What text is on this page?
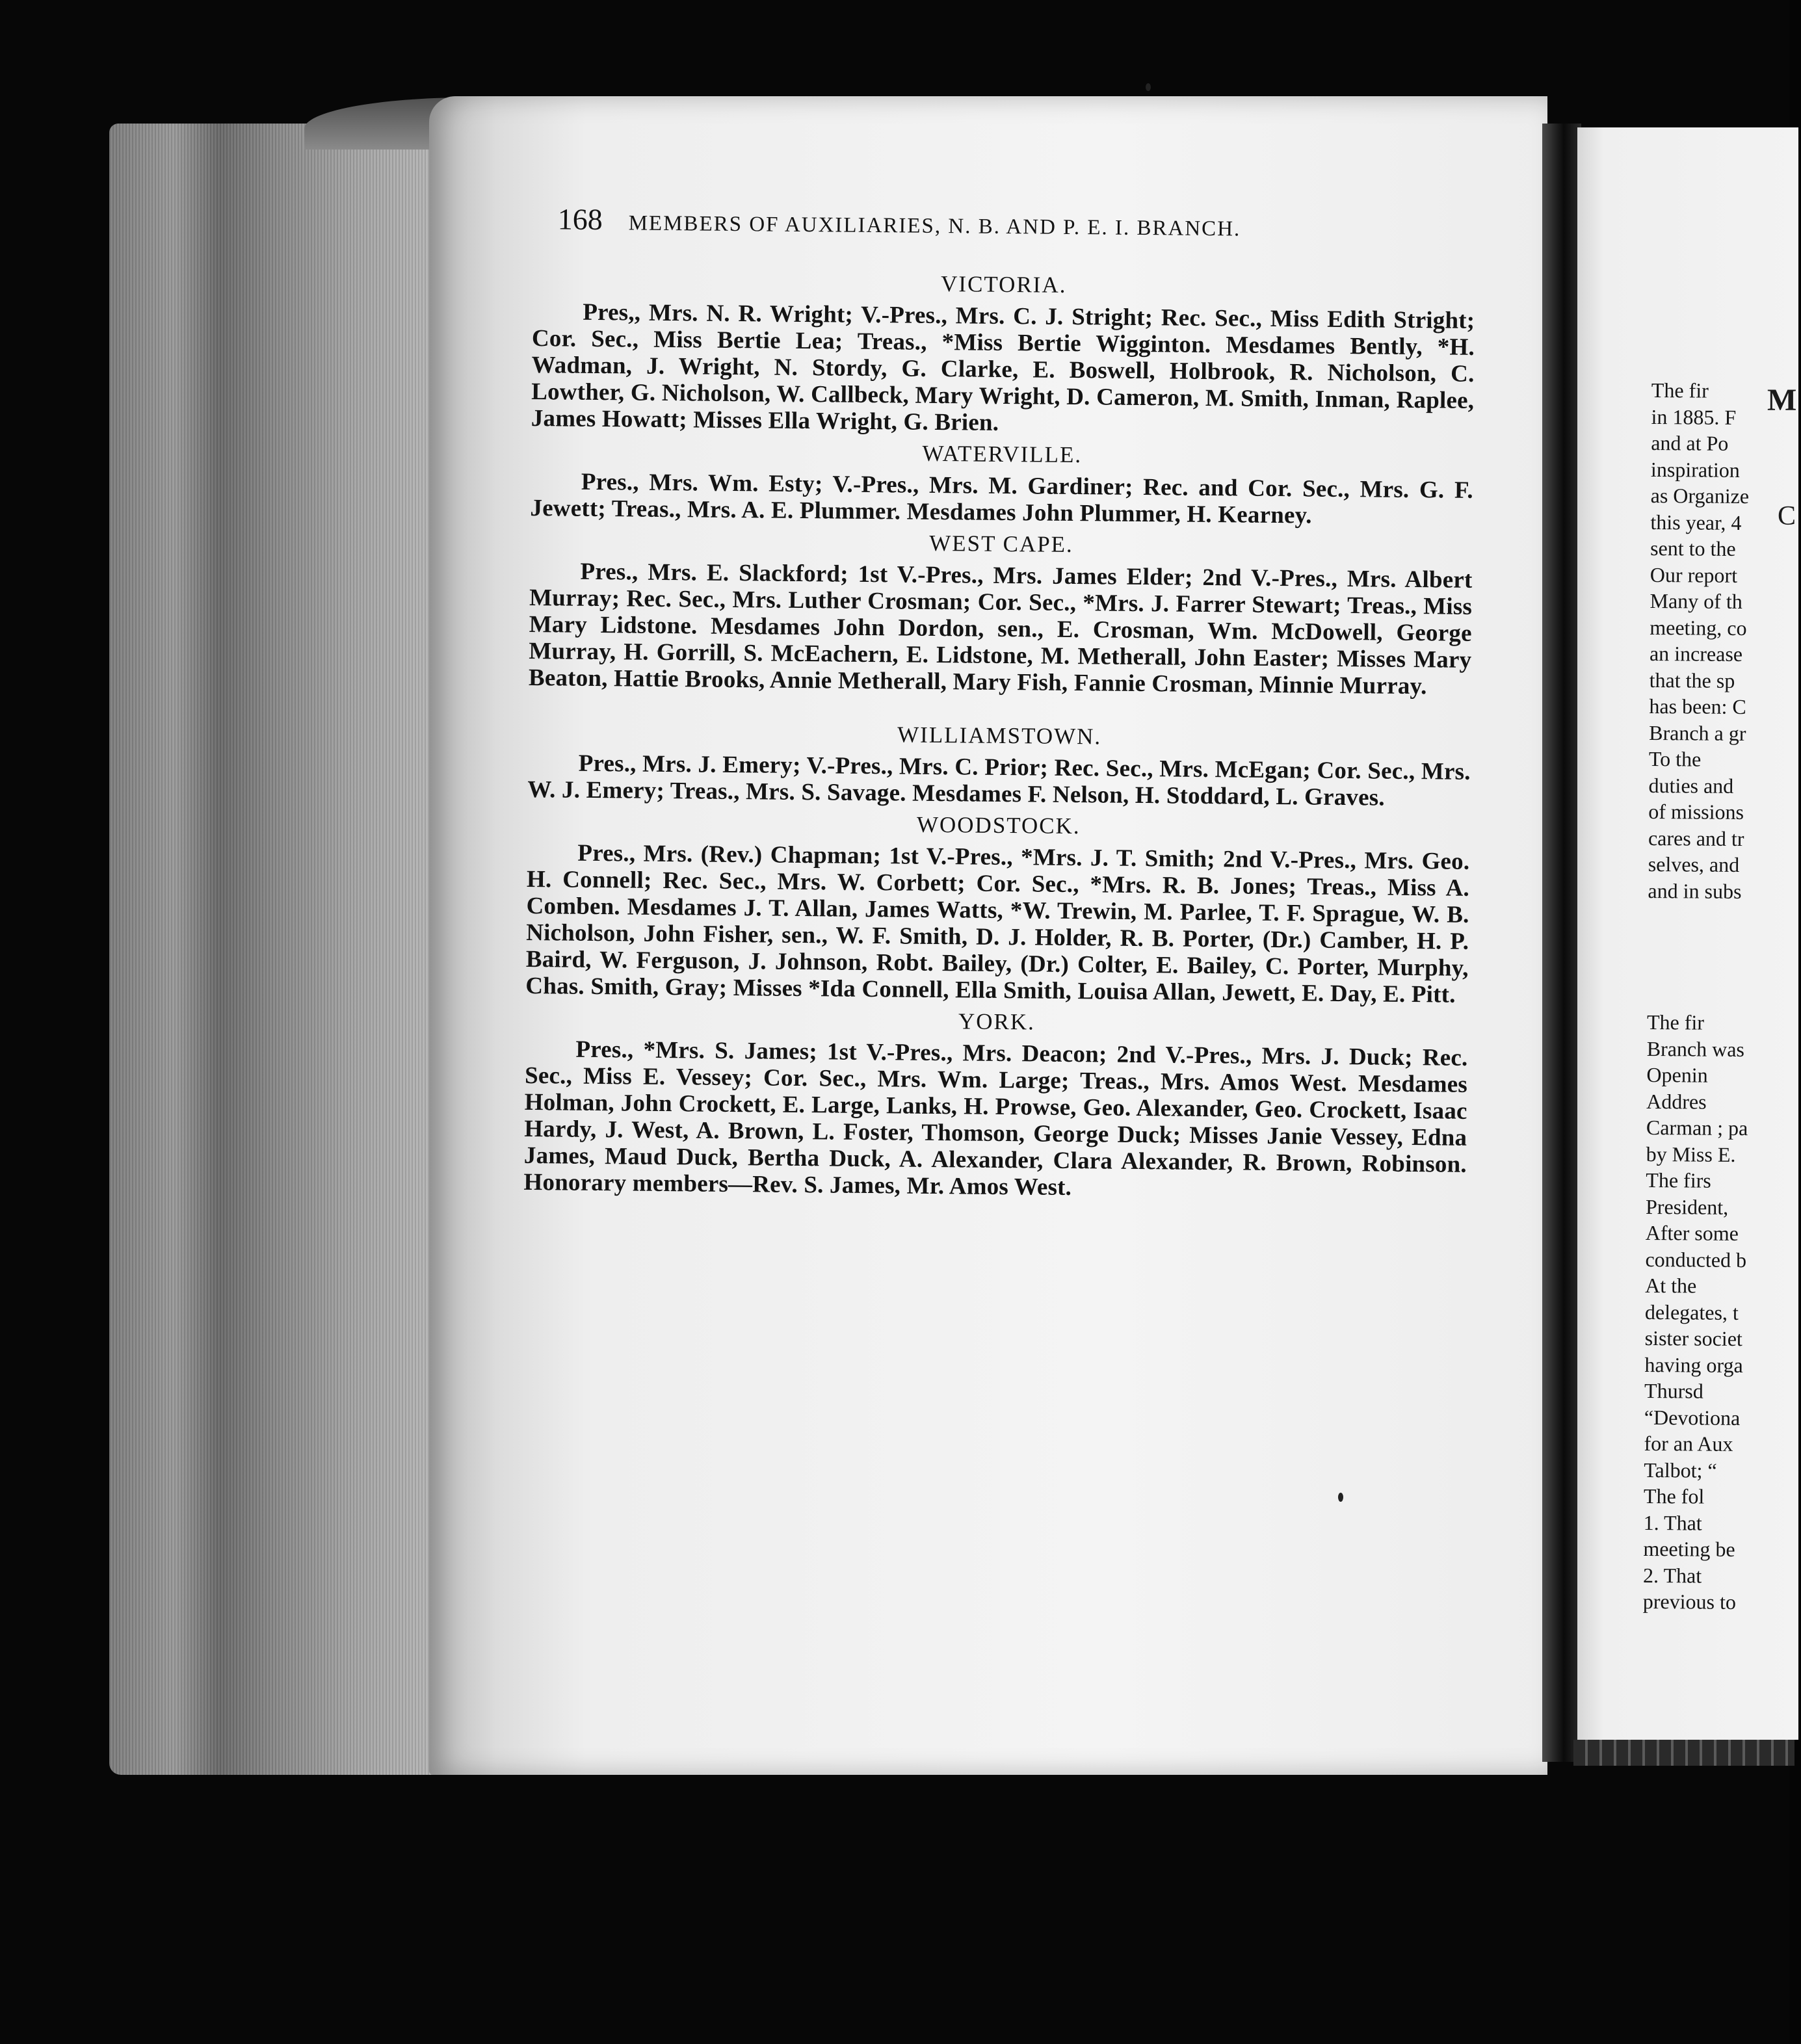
168 MEMBERS OF AUXILIARIES, N. B. AND P. E. I. BRANCH.
VICTORIA.

Pres,, Mrs. N. R. Wright; V.-Pres., Mrs. C. J. Stright; Rec. Sec., Miss Edith Stright; Cor. Sec., Miss Bertie Lea; Treas., *Miss Bertie Wigginton. Mesdames Bently, *H. Wadman, J. Wright, N. Stordy, G. Clarke, E. Boswell, Holbrook, R. Nicholson, C. Lowther, G. Nicholson, W. Callbeck, Mary Wright, D. Cameron, M. Smith, Inman, Raplee, James Howatt; Misses Ella Wright, G. Brien.

WATERVILLE.

Pres., Mrs. Wm. Esty; V.-Pres., Mrs. M. Gardiner; Rec. and Cor. Sec., Mrs. G. F. Jewett; Treas., Mrs. A. E. Plummer. Mesdames John Plummer, H. Kearney.

WEST CAPE.

Pres., Mrs. E. Slackford; 1st V.-Pres., Mrs. James Elder; 2nd V.-Pres., Mrs. Albert Murray; Rec. Sec., Mrs. Luther Crosman; Cor. Sec., *Mrs. J. Farrer Stewart; Treas., Miss Mary Lidstone. Mesdames John Dordon, sen., E. Crosman, Wm. McDowell, George Murray, H. Gorrill, S. McEachern, E. Lidstone, M. Metherall, John Easter; Misses Mary Beaton, Hattie Brooks, Annie Metherall, Mary Fish, Fannie Crosman, Minnie Murray.

WILLIAMSTOWN.

Pres., Mrs. J. Emery; V.-Pres., Mrs. C. Prior; Rec. Sec., Mrs. McEgan; Cor. Sec., Mrs. W. J. Emery; Treas., Mrs. S. Savage. Mesdames F. Nelson, H. Stoddard, L. Graves.

WOODSTOCK.

Pres., Mrs. (Rev.) Chapman; 1st V.-Pres., *Mrs. J. T. Smith; 2nd V.-Pres., Mrs. Geo. H. Connell; Rec. Sec., Mrs. W. Corbett; Cor. Sec., *Mrs. R. B. Jones; Treas., Miss A. Comben. Mesdames J. T. Allan, James Watts, *W. Trewin, M. Parlee, T. F. Sprague, W. B. Nicholson, John Fisher, sen., W. F. Smith, D. J. Holder, R. B. Porter, (Dr.) Camber, H. P. Baird, W. Ferguson, J. Johnson, Robt. Bailey, (Dr.) Colter, E. Bailey, C. Porter, Murphy, Chas. Smith, Gray; Misses *Ida Connell, Ella Smith, Louisa Allan, Jewett, E. Day, E. Pitt.

YORK.

Pres., *Mrs. S. James; 1st V.-Pres., Mrs. Deacon; 2nd V.-Pres., Mrs. J. Duck; Rec. Sec., Miss E. Vessey; Cor. Sec., Mrs. Wm. Large; Treas., Mrs. Amos West. Mesdames Holman, John Crockett, E. Large, Lanks, H. Prowse, Geo. Alexander, Geo. Crockett, Isaac Hardy, J. West, A. Brown, L. Foster, Thomson, George Duck; Misses Janie Vessey, Edna James, Maud Duck, Bertha Duck, A. Alexander, Clara Alexander, R. Brown, Robinson. Honorary members—Rev. S. James, Mr. Amos West.

M
C
The fir
in 1885. F
and at Po
inspiration
as Organize
this year, 4
sent to the
Our report
Many of th
meeting, co
an increase
that the sp
has been: C
Branch a gr
To the
duties and
of missions
cares and tr
selves, and
and in subs
The fir
Branch was
Openin
Addres
Carman ; pa
by Miss E.
The firs
President,
After some
conducted b
At the
delegates, t
sister societ
having orga
Thursd
“Devotiona
for an Aux
Talbot; “
The fol
1. That
meeting be
2. That
previous to
